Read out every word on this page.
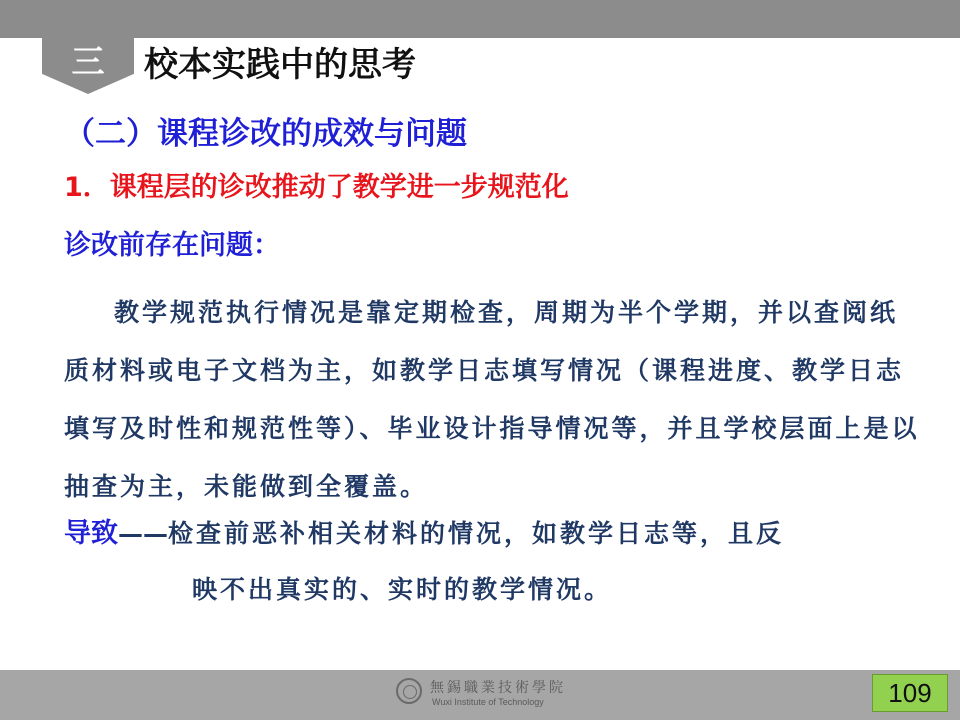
三	校本实践中的思考
（二）课程诊改的成效与问题
1．课程层的诊改推动了教学进一步规范化
诊改前存在问题：

教学规范执行情况是靠定期检查，周期为半个学期，并以查阅纸质材料或电子文档为主，如教学日志填写情况（课程进度、教学日志填写及时性和规范性等）、毕业设计指导情况等，并且学校层面上是以抽查为主，未能做到全覆盖。

导致——检查前恶补相关材料的情况，如教学日志等，且反
映不出真实的、实时的教学情况。
無錫職業技術學院
Wuxi Institute of Technology	109
